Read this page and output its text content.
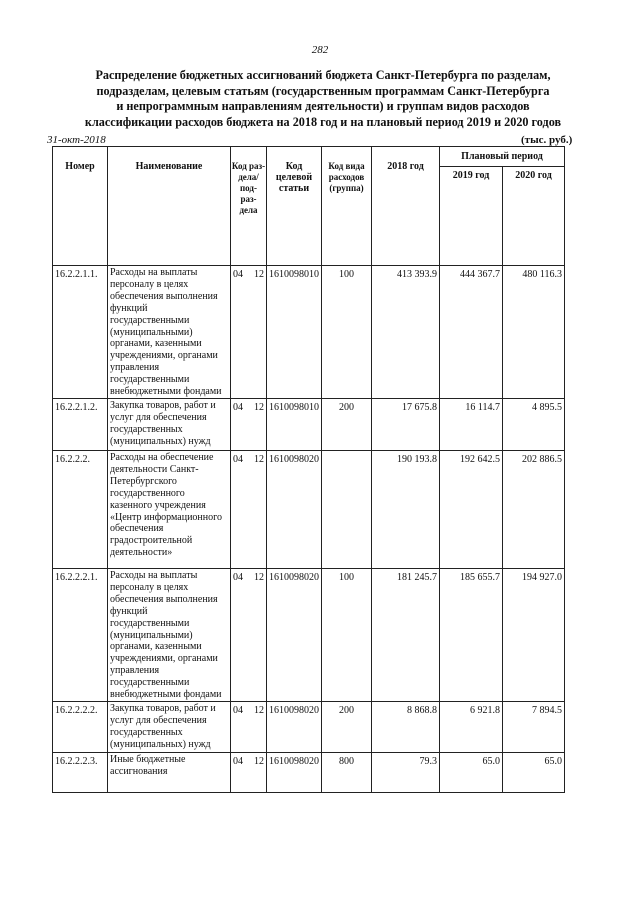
282
Распределение бюджетных ассигнований бюджета Санкт-Петербурга по разделам,
подразделам, целевым статьям (государственным программам Санкт-Петербурга
и непрограммным направлениям деятельности) и группам видов расходов
классификации расходов бюджета на 2018 год и на плановый период 2019 и 2020 годов
31-окт-2018	(тыс. руб.)
Номер	Наименование	Код раз- дела/ под- раз- дела		Код целевой статьи	Код вида расходов (группа)	2018 год	Плановый период	
							2019 год	2020 год
16.2.2.1.1.	Расходы на выплаты персоналу в целях обеспечения выполнения функций государственными (муниципальными) органами, казенными учреждениями, органами управления государственными внебюджетными фондами	04	12	1610098010	100	413 393.9	444 367.7	480 116.3
16.2.2.1.2.	Закупка товаров, работ и услуг для обеспечения государственных (муниципальных) нужд	04	12	1610098010	200	17 675.8	16 114.7	4 895.5
16.2.2.2.	Расходы на обеспечение деятельности Санкт-Петербургского государственного казенного учреждения «Центр информационного обеспечения градостроительной деятельности»	04	12	1610098020		190 193.8	192 642.5	202 886.5
16.2.2.2.1.	Расходы на выплаты персоналу в целях обеспечения выполнения функций государственными (муниципальными) органами, казенными учреждениями, органами управления государственными внебюджетными фондами	04	12	1610098020	100	181 245.7	185 655.7	194 927.0
16.2.2.2.2.	Закупка товаров, работ и услуг для обеспечения государственных (муниципальных) нужд	04	12	1610098020	200	8 868.8	6 921.8	7 894.5
16.2.2.2.3.	Иные бюджетные ассигнования	04	12	1610098020	800	79.3	65.0	65.0
